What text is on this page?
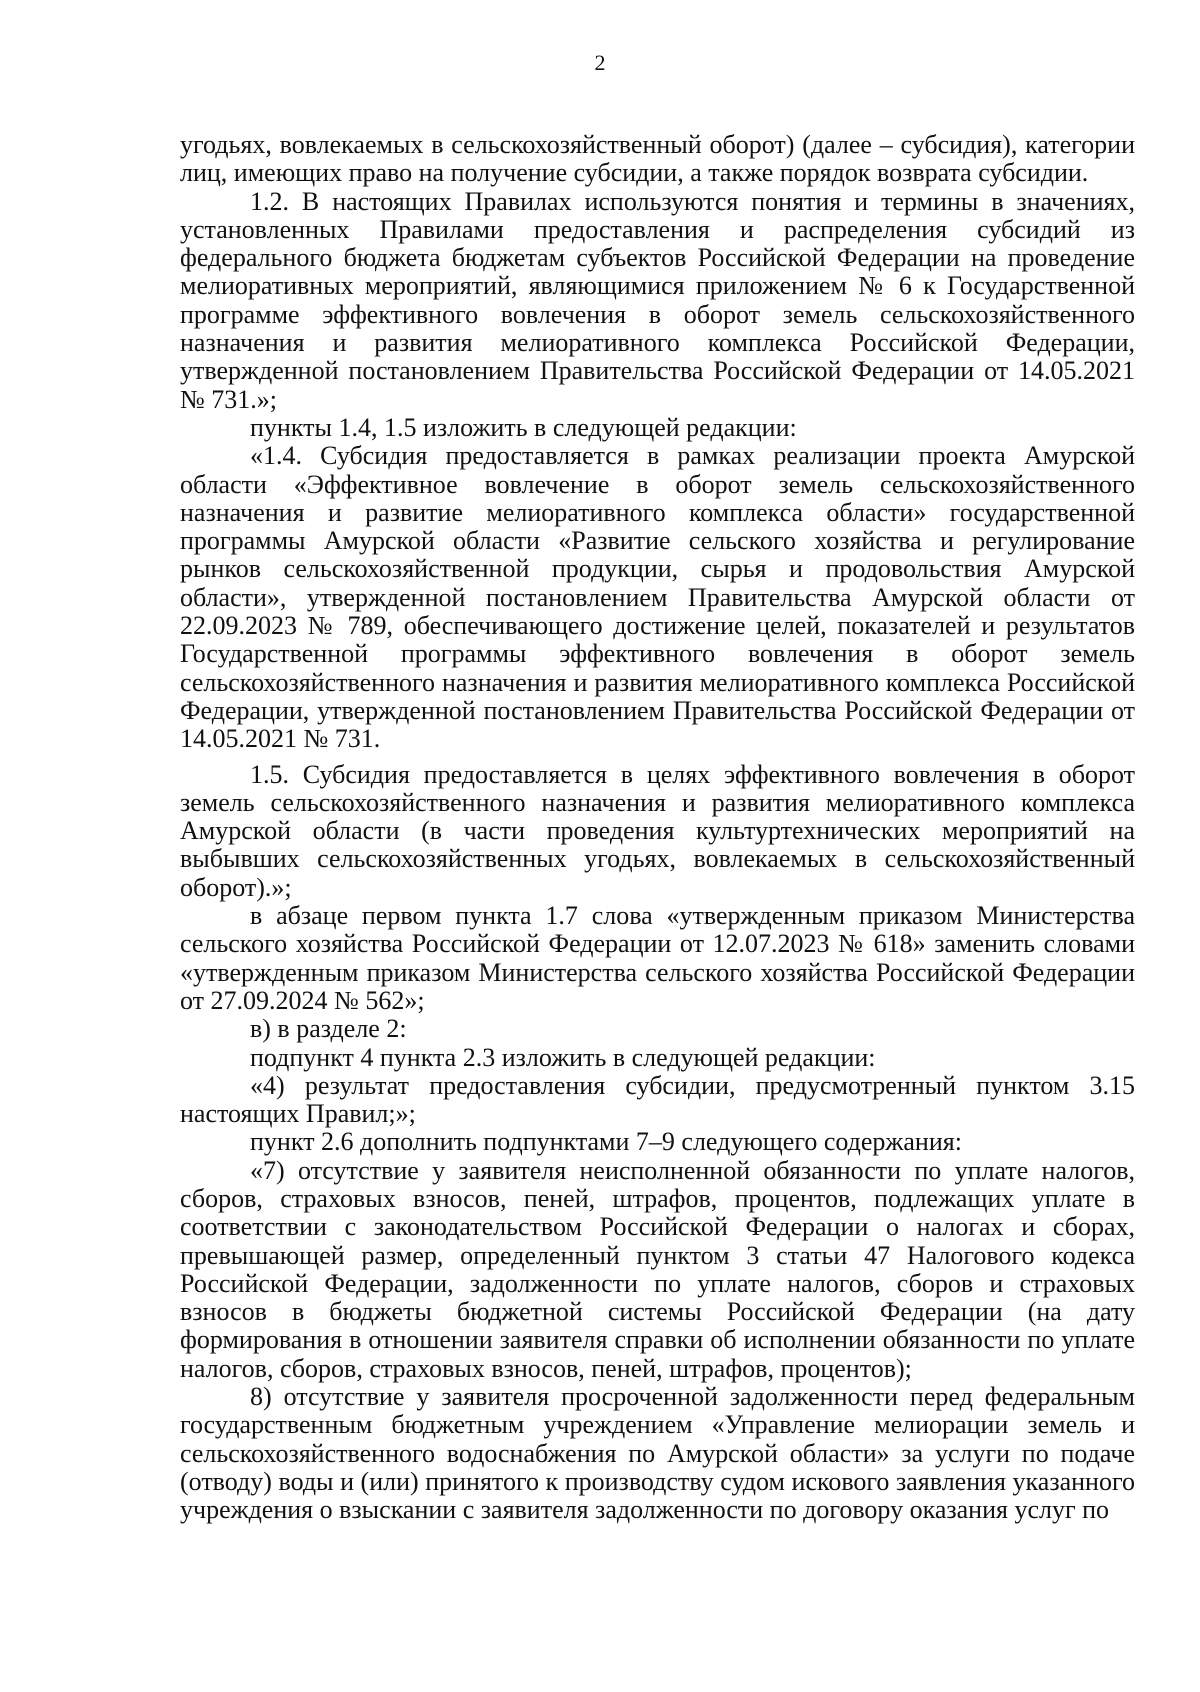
2

угодьях, вовлекаемых в сельскохозяйственный оборот) (далее – субсидия), категории лиц, имеющих право на получение субсидии, а также порядок возврата субсидии.

1.2. В настоящих Правилах используются понятия и термины в значениях, установленных Правилами предоставления и распределения субсидий из федерального бюджета бюджетам субъектов Российской Федерации на проведение мелиоративных мероприятий, являющимися приложением № 6 к Государственной программе эффективного вовлечения в оборот земель сельскохозяйственного назначения и развития мелиоративного комплекса Российской Федерации, утвержденной постановлением Правительства Российской Федерации от 14.05.2021 № 731.»;

пункты 1.4, 1.5 изложить в следующей редакции:

«1.4. Субсидия предоставляется в рамках реализации проекта Амурской области «Эффективное вовлечение в оборот земель сельскохозяйственного назначения и развитие мелиоративного комплекса области» государственной программы Амурской области «Развитие сельского хозяйства и регулирование рынков сельскохозяйственной продукции, сырья и продовольствия Амурской области», утвержденной постановлением Правительства Амурской области от 22.09.2023 № 789, обеспечивающего достижение целей, показателей и результатов Государственной программы эффективного вовлечения в оборот земель сельскохозяйственного назначения и развития мелиоративного комплекса Российской Федерации, утвержденной постановлением Правительства Российской Федерации от 14.05.2021 № 731.

1.5. Субсидия предоставляется в целях эффективного вовлечения в оборот земель сельскохозяйственного назначения и развития мелиоративного комплекса Амурской области (в части проведения культуртехнических мероприятий на выбывших сельскохозяйственных угодьях, вовлекаемых в сельскохозяйственный оборот).»;

в абзаце первом пункта 1.7 слова «утвержденным приказом Министерства сельского хозяйства Российской Федерации от 12.07.2023 № 618» заменить словами «утвержденным приказом Министерства сельского хозяйства Российской Федерации от 27.09.2024 № 562»;

в) в разделе 2:

подпункт 4 пункта 2.3 изложить в следующей редакции:

«4) результат предоставления субсидии, предусмотренный пунктом 3.15 настоящих Правил;»;

пункт 2.6 дополнить подпунктами 7–9 следующего содержания:

«7) отсутствие у заявителя неисполненной обязанности по уплате налогов, сборов, страховых взносов, пеней, штрафов, процентов, подлежащих уплате в соответствии с законодательством Российской Федерации о налогах и сборах, превышающей размер, определенный пунктом 3 статьи 47 Налогового кодекса Российской Федерации, задолженности по уплате налогов, сборов и страховых взносов в бюджеты бюджетной системы Российской Федерации (на дату формирования в отношении заявителя справки об исполнении обязанности по уплате налогов, сборов, страховых взносов, пеней, штрафов, процентов);

8) отсутствие у заявителя просроченной задолженности перед федеральным государственным бюджетным учреждением «Управление мелиорации земель и сельскохозяйственного водоснабжения по Амурской области» за услуги по подаче (отводу) воды и (или) принятого к производству судом искового заявления указанного учреждения о взыскании с заявителя задолженности по договору оказания услуг по
